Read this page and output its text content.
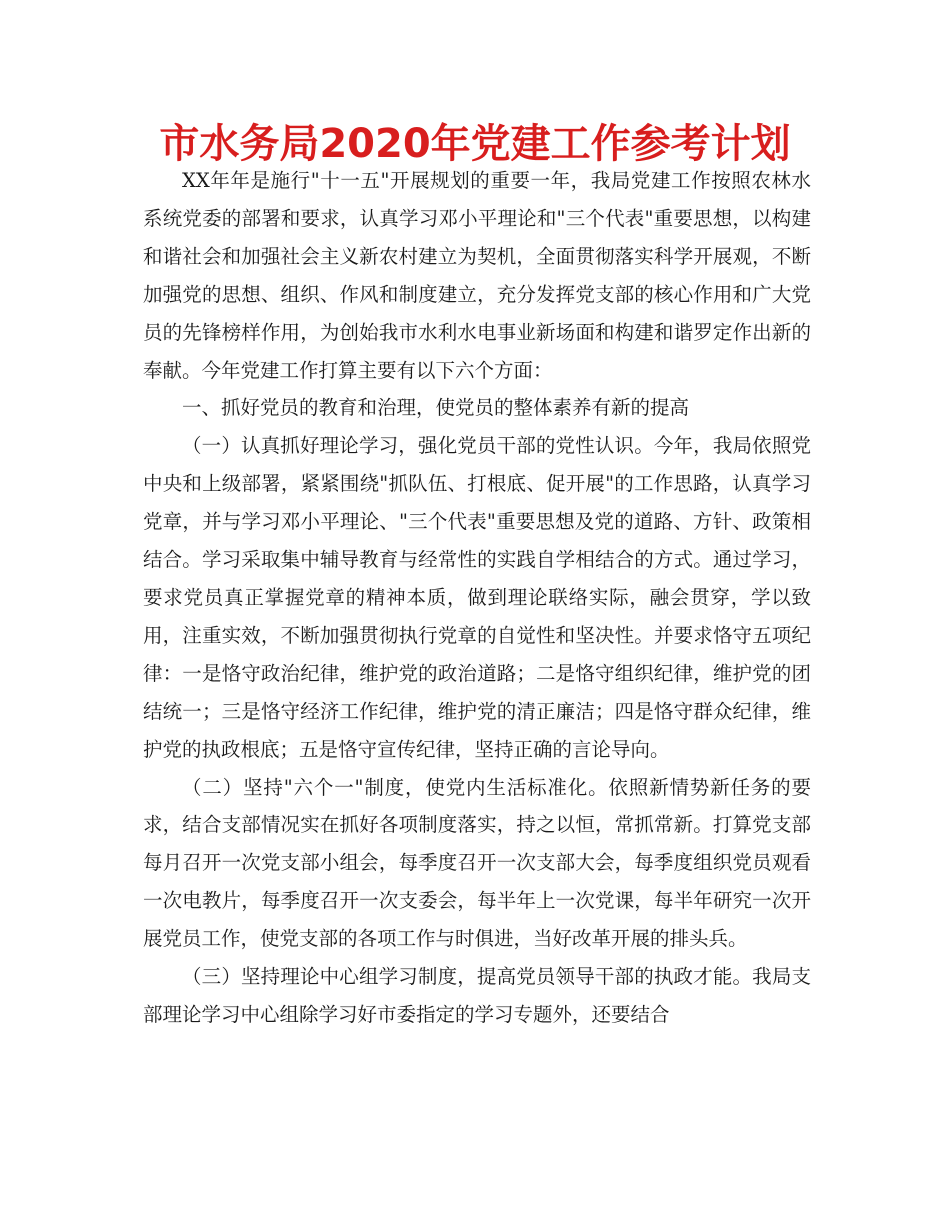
市水务局2020年党建工作参考计划

XX年年是施行"十一五"开展规划的重要一年，我局党建工作按照农林水系统党委的部署和要求，认真学习邓小平理论和"三个代表"重要思想，以构建和谐社会和加强社会主义新农村建立为契机，全面贯彻落实科学开展观，不断加强党的思想、组织、作风和制度建立，充分发挥党支部的核心作用和广大党员的先锋榜样作用，为创始我市水利水电事业新场面和构建和谐罗定作出新的奉献。今年党建工作打算主要有以下六个方面：

一、抓好党员的教育和治理，使党员的整体素养有新的提高

（一）认真抓好理论学习，强化党员干部的党性认识。今年，我局依照党中央和上级部署，紧紧围绕"抓队伍、打根底、促开展"的工作思路，认真学习党章，并与学习邓小平理论、"三个代表"重要思想及党的道路、方针、政策相结合。学习采取集中辅导教育与经常性的实践自学相结合的方式。通过学习，要求党员真正掌握党章的精神本质，做到理论联络实际，融会贯穿，学以致用，注重实效，不断加强贯彻执行党章的自觉性和坚决性。并要求恪守五项纪律：一是恪守政治纪律，维护党的政治道路；二是恪守组织纪律，维护党的团结统一；三是恪守经济工作纪律，维护党的清正廉洁；四是恪守群众纪律，维护党的执政根底；五是恪守宣传纪律，坚持正确的言论导向。

（二）坚持"六个一"制度，使党内生活标准化。依照新情势新任务的要求，结合支部情况实在抓好各项制度落实，持之以恒，常抓常新。打算党支部每月召开一次党支部小组会，每季度召开一次支部大会，每季度组织党员观看一次电教片，每季度召开一次支委会，每半年上一次党课，每半年研究一次开展党员工作，使党支部的各项工作与时俱进，当好改革开展的排头兵。

（三）坚持理论中心组学习制度，提高党员领导干部的执政才能。我局支部理论学习中心组除学习好市委指定的学习专题外，还要结合
